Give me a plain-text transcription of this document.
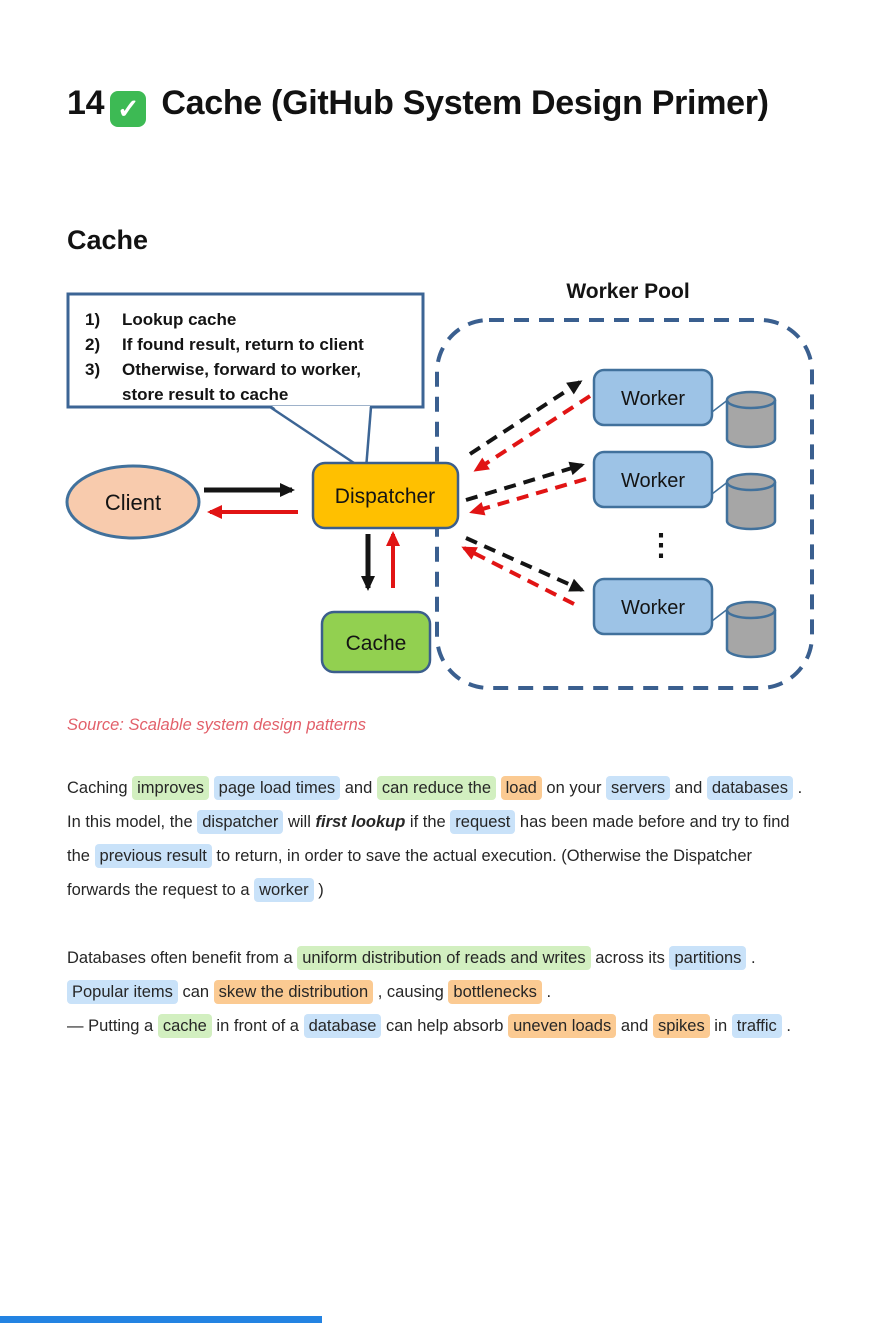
14 ✓ Cache (GitHub System Design Primer)
Cache
Worker Pool
Worker
Worker
Worker
⋮
1) Lookup cache
2) If found result, return to client
3) Otherwise, forward to worker,
store result to cache
Client	Dispatcher
Cache

Source: Scalable system design patterns

Caching improves page load times and can reduce the load on your servers and databases . In this model, the dispatcher will first lookup if the request has been made before and try to find the previous result to return, in order to save the actual execution. (Otherwise the Dispatcher forwards the request to a worker )

Databases often benefit from a uniform distribution of reads and writes across its partitions . Popular items can skew the distribution , causing bottlenecks .
— Putting a cache in front of a database can help absorb uneven loads and spikes in traffic .
